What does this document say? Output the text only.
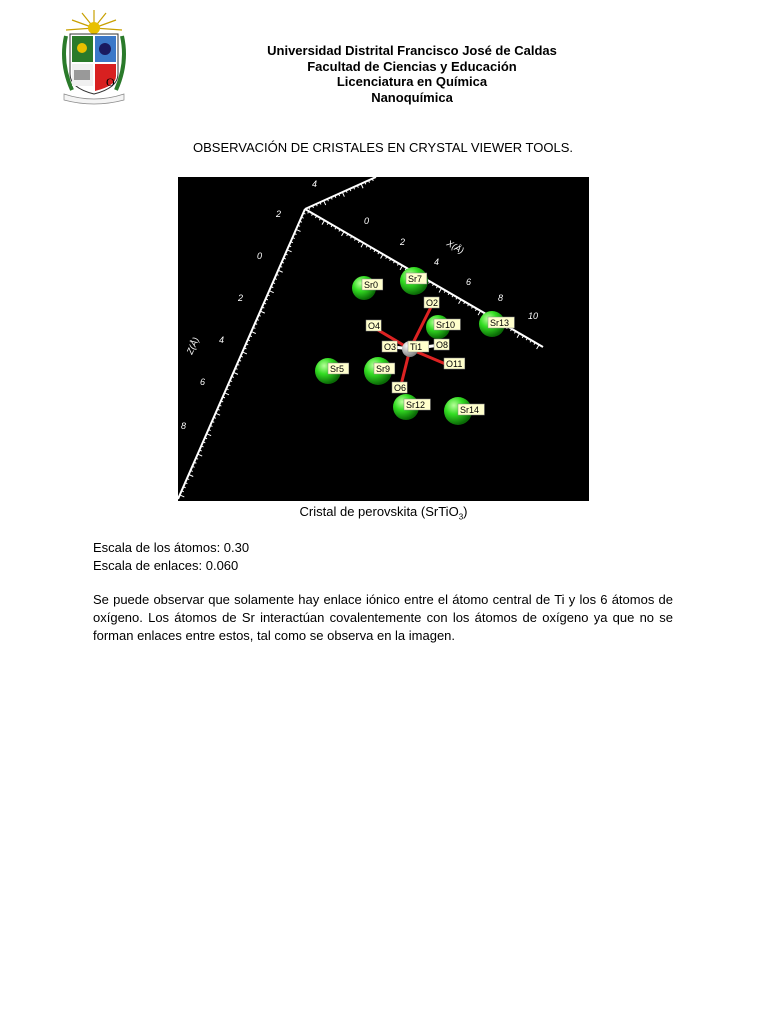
O
Universidad Distrital Francisco José de Caldas
Facultad de Ciencias y Educación
Licenciatura en Química
Nanoquímica
OBSERVACIÓN DE CRISTALES EN CRYSTAL VIEWER TOOLS.
X(Å)
Z(Å)
0
2
4
6
8
10
2
0
2
4
6
8
4
Sr0
Sr7
O2
Sr10	Sr13
O4
O3 Ti1 O8
O11
Sr5	Sr9
O6
Sr12	Sr14
Cristal de perovskita (SrTiO$_3$)
Escala de los átomos: 0.30
Escala de enlaces: 0.060

Se puede observar que solamente hay enlace iónico entre el átomo central de Ti y los 6 átomos de oxígeno. Los átomos de Sr interactúan covalentemente con los átomos de oxígeno ya que no se forman enlaces entre estos, tal como se observa en la imagen.
